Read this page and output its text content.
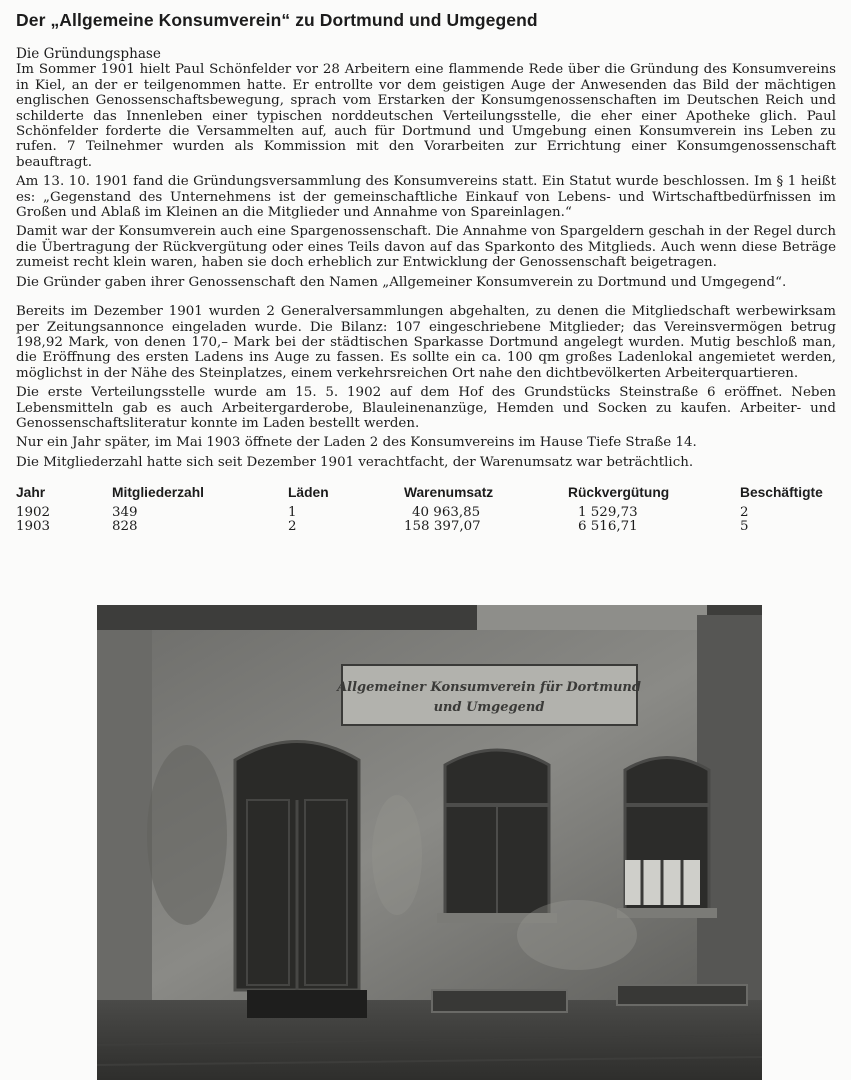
Der „Allgemeine Konsumverein“ zu Dortmund und Umgegend
Die Gründungsphase

Im Sommer 1901 hielt Paul Schönfelder vor 28 Arbeitern eine flammende Rede über die Gründung des Konsumvereins in Kiel, an der er teilgenommen hatte. Er entrollte vor dem geistigen Auge der Anwesenden das Bild der mächtigen englischen Genossenschaftsbewegung, sprach vom Erstarken der Konsumgenossenschaften im Deutschen Reich und schilderte das Innenleben einer typischen norddeutschen Verteilungsstelle, die eher einer Apotheke glich. Paul Schönfelder forderte die Versammelten auf, auch für Dortmund und Umgebung einen Konsumverein ins Leben zu rufen. 7 Teilnehmer wurden als Kommission mit den Vorarbeiten zur Errichtung einer Konsumgenossenschaft beauftragt.

Am 13. 10. 1901 fand die Gründungsversammlung des Konsumvereins statt. Ein Statut wurde beschlossen. Im § 1 heißt es: „Gegenstand des Unternehmens ist der gemeinschaftliche Einkauf von Lebens- und Wirtschaftbedürfnissen im Großen und Ablaß im Kleinen an die Mitglieder und Annahme von Spareinlagen.“

Damit war der Konsumverein auch eine Spargenossenschaft. Die Annahme von Spargeldern geschah in der Regel durch die Übertragung der Rückvergütung oder eines Teils davon auf das Sparkonto des Mitglieds. Auch wenn diese Beträge zumeist recht klein waren, haben sie doch erheblich zur Entwicklung der Genossenschaft beigetragen.

Die Gründer gaben ihrer Genossenschaft den Namen „Allgemeiner Konsumverein zu Dortmund und Umgegend“.

Bereits im Dezember 1901 wurden 2 Generalversammlungen abgehalten, zu denen die Mitgliedschaft werbewirksam per Zeitungsannonce eingeladen wurde. Die Bilanz: 107 eingeschriebene Mitglieder; das Vereinsvermögen betrug 198,92 Mark, von denen 170,– Mark bei der städtischen Sparkasse Dortmund angelegt wurden. Mutig beschloß man, die Eröffnung des ersten Ladens ins Auge zu fassen. Es sollte ein ca. 100 qm großes Ladenlokal angemietet werden, möglichst in der Nähe des Steinplatzes, einem verkehrsreichen Ort nahe den dichtbevölkerten Arbeiterquartieren.

Die erste Verteilungsstelle wurde am 15. 5. 1902 auf dem Hof des Grundstücks Steinstraße 6 eröffnet. Neben Lebensmitteln gab es auch Arbeitergarderobe, Blauleinenanzüge, Hemden und Socken zu kaufen. Arbeiter- und Genossenschaftsliteratur konnte im Laden bestellt werden.

Nur ein Jahr später, im Mai 1903 öffnete der Laden 2 des Konsumvereins im Hause Tiefe Straße 14.

Die Mitgliederzahl hatte sich seit Dezember 1901 verachtfacht, der Warenumsatz war beträchtlich.

Jahr	Mitgliederzahl	Läden	Warenumsatz	Rückvergütung	Beschäftigte
1902	349	1	40 963,85	1 529,73	2
1903	828	2	158 397,07	6 516,71	5
Allgemeiner Konsumverein für Dortmund
und Umgegend
